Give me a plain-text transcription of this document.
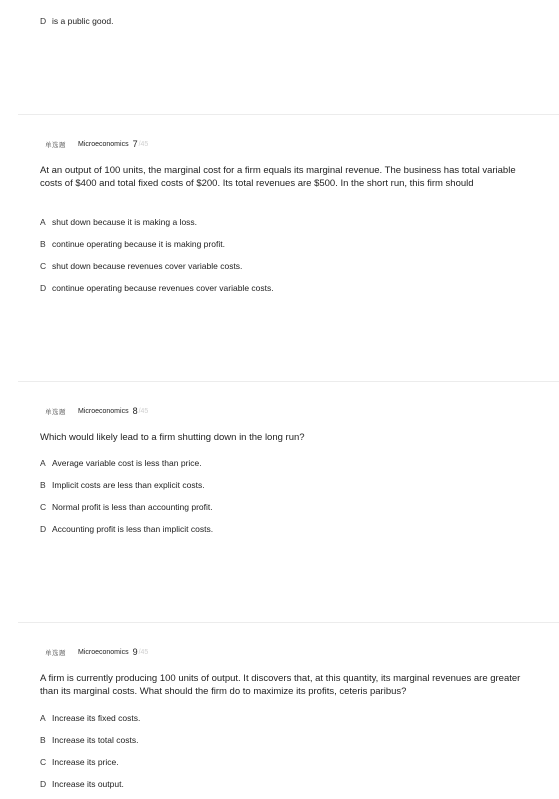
D is a public good.
单选题 Microeconomics 7 /45
At an output of 100 units, the marginal cost for a firm equals its marginal revenue. The business has total variable costs of $400 and total fixed costs of $200. Its total revenues are $500. In the short run, this firm should
A shut down because it is making a loss.
B continue operating because it is making profit.
C shut down because revenues cover variable costs.
D continue operating because revenues cover variable costs.
单选题 Microeconomics 8 /45
Which would likely lead to a firm shutting down in the long run?
A Average variable cost is less than price.
B Implicit costs are less than explicit costs.
C Normal profit is less than accounting profit.
D Accounting profit is less than implicit costs.
单选题 Microeconomics 9 /45
A firm is currently producing 100 units of output. It discovers that, at this quantity, its marginal revenues are greater than its marginal costs. What should the firm do to maximize its profits, ceteris paribus?
A Increase its fixed costs.
B Increase its total costs.
C Increase its price.
D Increase its output.
